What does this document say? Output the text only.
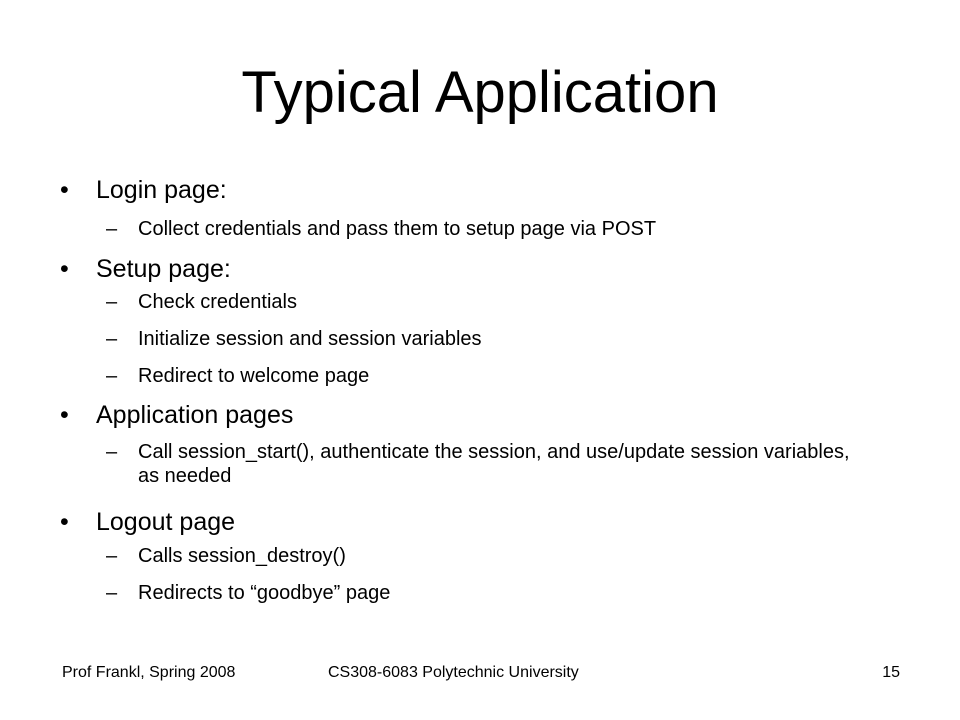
Typical Application
• Login page:
– Collect credentials and pass them to setup page via POST
• Setup page:
– Check credentials
– Initialize session and session variables
– Redirect to welcome page
• Application pages
– Call session_start(), authenticate the session, and use/update session variables, as needed
• Logout page
– Calls session_destroy()
– Redirects to “goodbye” page
Prof Frankl, Spring 2008	CS308-6083 Polytechnic University	15
